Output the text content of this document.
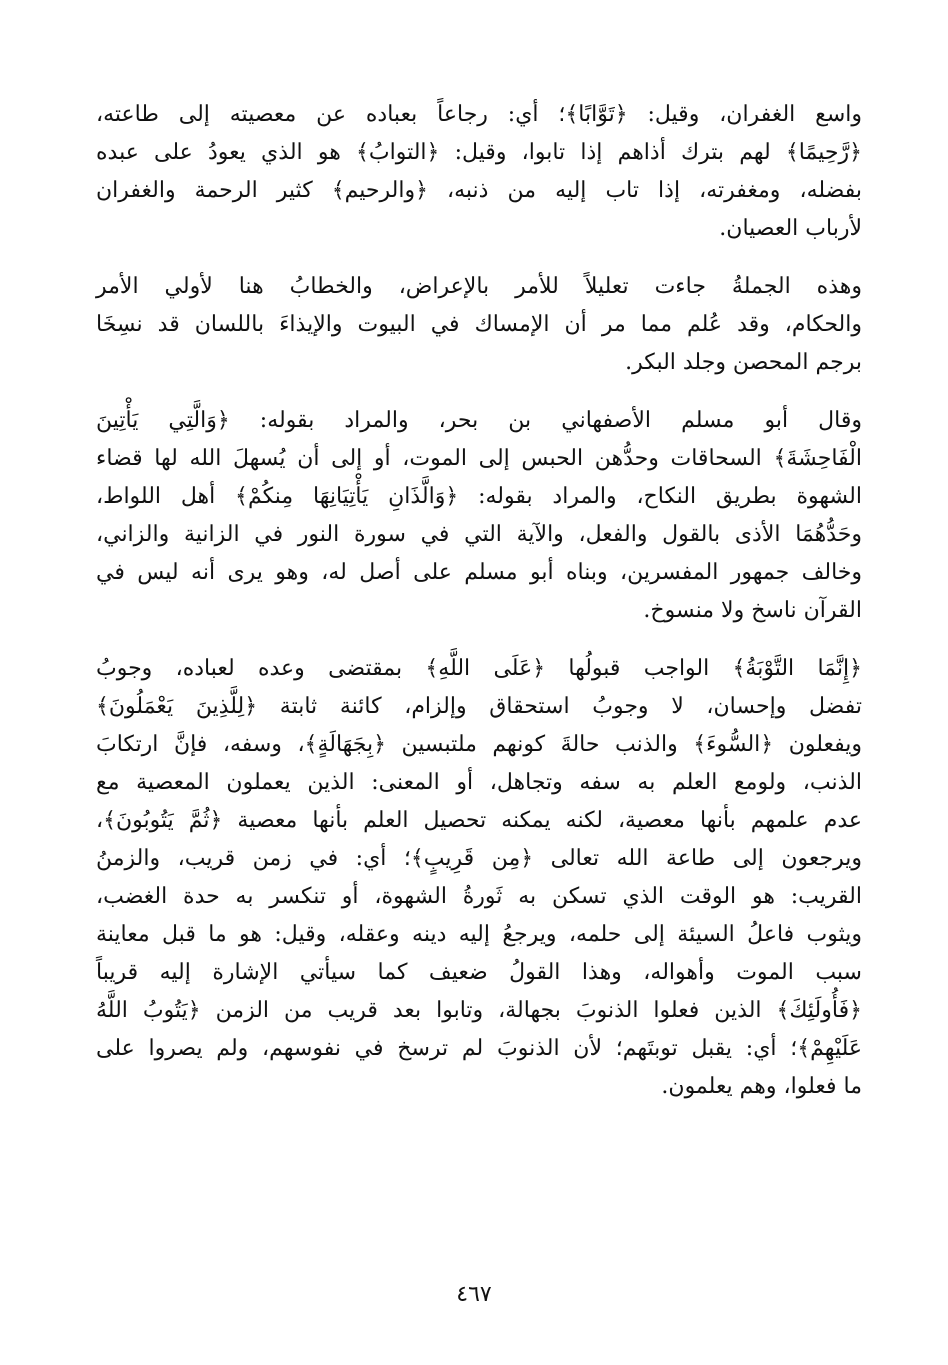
واسع الغفران، وقيل: ﴿تَوَّابًا﴾؛ أي: رجاعاً بعباده عن معصيته إلى طاعته،
﴿رَّحِيمًا﴾ لهم بترك أذاهم إذا تابوا، وقيل: ﴿التوابُ﴾ هو الذي يعودُ على عبده
بفضله، ومغفرته، إذا تاب إليه من ذنبه، ﴿والرحيم﴾ كثير الرحمة والغفران
لأرباب العصيان.

وهذه الجملةُ جاءت تعليلاً للأمر بالإعراض، والخطابُ هنا لأولي الأمر
والحكام، وقد عُلم مما مر أن الإمساك في البيوت والإيذاءَ باللسان قد نسِخَا
برجم المحصن وجلد البكر.

وقال أبو مسلم الأصفهاني بن بحر، والمراد بقوله: ﴿وَالَّتِي يَأْتِينَ
الْفَاحِشَةَ﴾ السحاقات وحدُّهن الحبس إلى الموت، أو إلى أن يُسهلَ الله لها قضاء
الشهوة بطريق النكاح، والمراد بقوله: ﴿وَالَّذَانِ يَأْتِيَانِهَا مِنكُمْ﴾ أهل اللواط،
وحَدُّهُمَا الأذى بالقول والفعل، والآية التي في سورة النور في الزانية والزاني،
وخالف جمهور المفسرين، وبناه أبو مسلم على أصل له، وهو يرى أنه ليس في
القرآن ناسخ ولا منسوخ.

﴿إِنَّمَا التَّوْبَةُ﴾ الواجب قبولُها ﴿عَلَى اللَّهِ﴾ بمقتضى وعده لعباده، وجوبُ
تفضل وإحسان، لا وجوبُ استحقاق وإلزام، كائنة ثابتة ﴿لِلَّذِينَ يَعْمَلُونَ﴾
ويفعلون ﴿السُّوءَ﴾ والذنب حالةَ كونهم ملتبسين ﴿بِجَهَالَةٍ﴾، وسفه، فإنَّ ارتكابَ
الذنب، ولومع العلم به سفه وتجاهل، أو المعنى: الذين يعملون المعصية مع
عدم علمهم بأنها معصية، لكنه يمكنه تحصيل العلم بأنها معصية ﴿ثُمَّ يَتُوبُونَ﴾،
ويرجعون إلى طاعة الله تعالى ﴿مِن قَرِيبٍ﴾؛ أي: في زمن قريب، والزمنُ
القريب: هو الوقت الذي تسكن به ثَورةُ الشهوة، أو تنكسر به حدة الغضب،
ويثوب فاعلُ السيئة إلى حلمه، ويرجعُ إليه دينه وعقله، وقيل: هو ما قبل معاينة
سبب الموت وأهواله، وهذا القولُ ضعيف كما سيأتي الإشارة إليه قريباً
﴿فَأُولَئِكَ﴾ الذين فعلوا الذنوبَ بجهالة، وتابوا بعد قريب من الزمن ﴿يَتُوبُ اللَّهُ
عَلَيْهِمْ﴾؛ أي: يقبل توبتَهم؛ لأن الذنوبَ لم ترسخ في نفوسهم، ولم يصروا على
ما فعلوا، وهم يعلمون.

٤٦٧
